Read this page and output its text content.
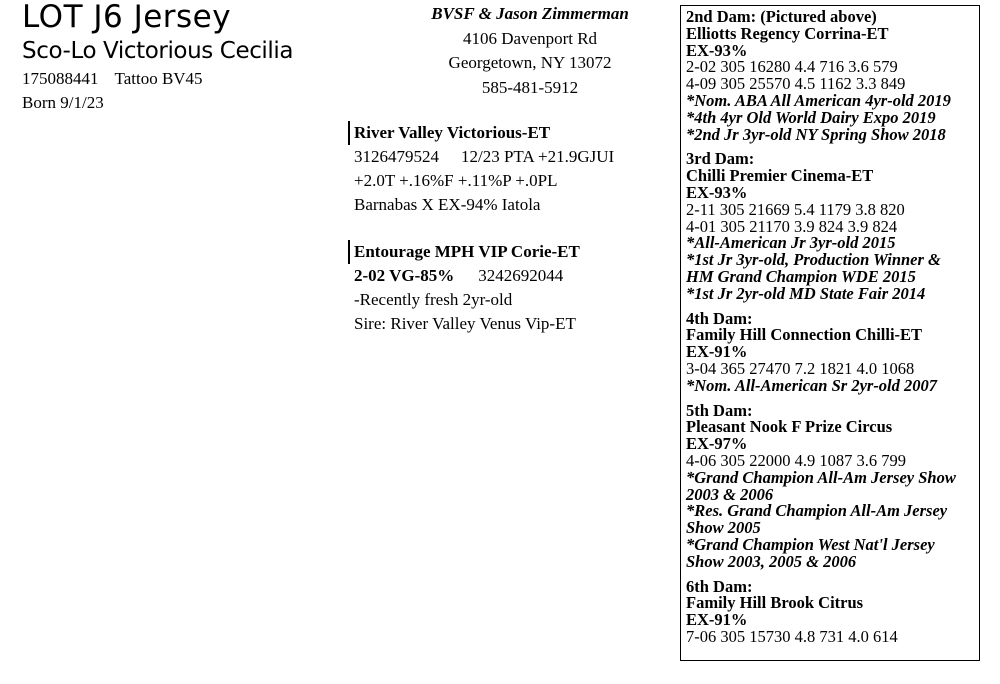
LOT J6 Jersey
Sco-Lo Victorious Cecilia
175088441 Tattoo BV45
Born 9/1/23
BVSF & Jason Zimmerman
4106 Davenport Rd
Georgetown, NY 13072
585-481-5912
River Valley Victorious-ET
3126479524 12/23 PTA +21.9GJUI
+2.0T +.16%F +.11%P +.0PL
Barnabas X EX-94% Iatola
Entourage MPH VIP Corie-ET
2-02 VG-85% 3242692044
-Recently fresh 2yr-old
Sire: River Valley Venus Vip-ET
2nd Dam: (Pictured above)
Elliotts Regency Corrina-ET
EX-93%
2-02 305 16280 4.4 716 3.6 579
4-09 305 25570 4.5 1162 3.3 849
*Nom. ABA All American 4yr-old 2019
*4th 4yr Old World Dairy Expo 2019
*2nd Jr 3yr-old NY Spring Show 2018
3rd Dam:
Chilli Premier Cinema-ET
EX-93%
2-11 305 21669 5.4 1179 3.8 820
4-01 305 21170 3.9 824 3.9 824
*All-American Jr 3yr-old 2015
*1st Jr 3yr-old, Production Winner &
HM Grand Champion WDE 2015
*1st Jr 2yr-old MD State Fair 2014
4th Dam:
Family Hill Connection Chilli-ET
EX-91%
3-04 365 27470 7.2 1821 4.0 1068
*Nom. All-American Sr 2yr-old 2007
5th Dam:
Pleasant Nook F Prize Circus
EX-97%
4-06 305 22000 4.9 1087 3.6 799
*Grand Champion All-Am Jersey Show
2003 & 2006
*Res. Grand Champion All-Am Jersey
Show 2005
*Grand Champion West Nat'l Jersey
Show 2003, 2005 & 2006
6th Dam:
Family Hill Brook Citrus
EX-91%
7-06 305 15730 4.8 731 4.0 614
